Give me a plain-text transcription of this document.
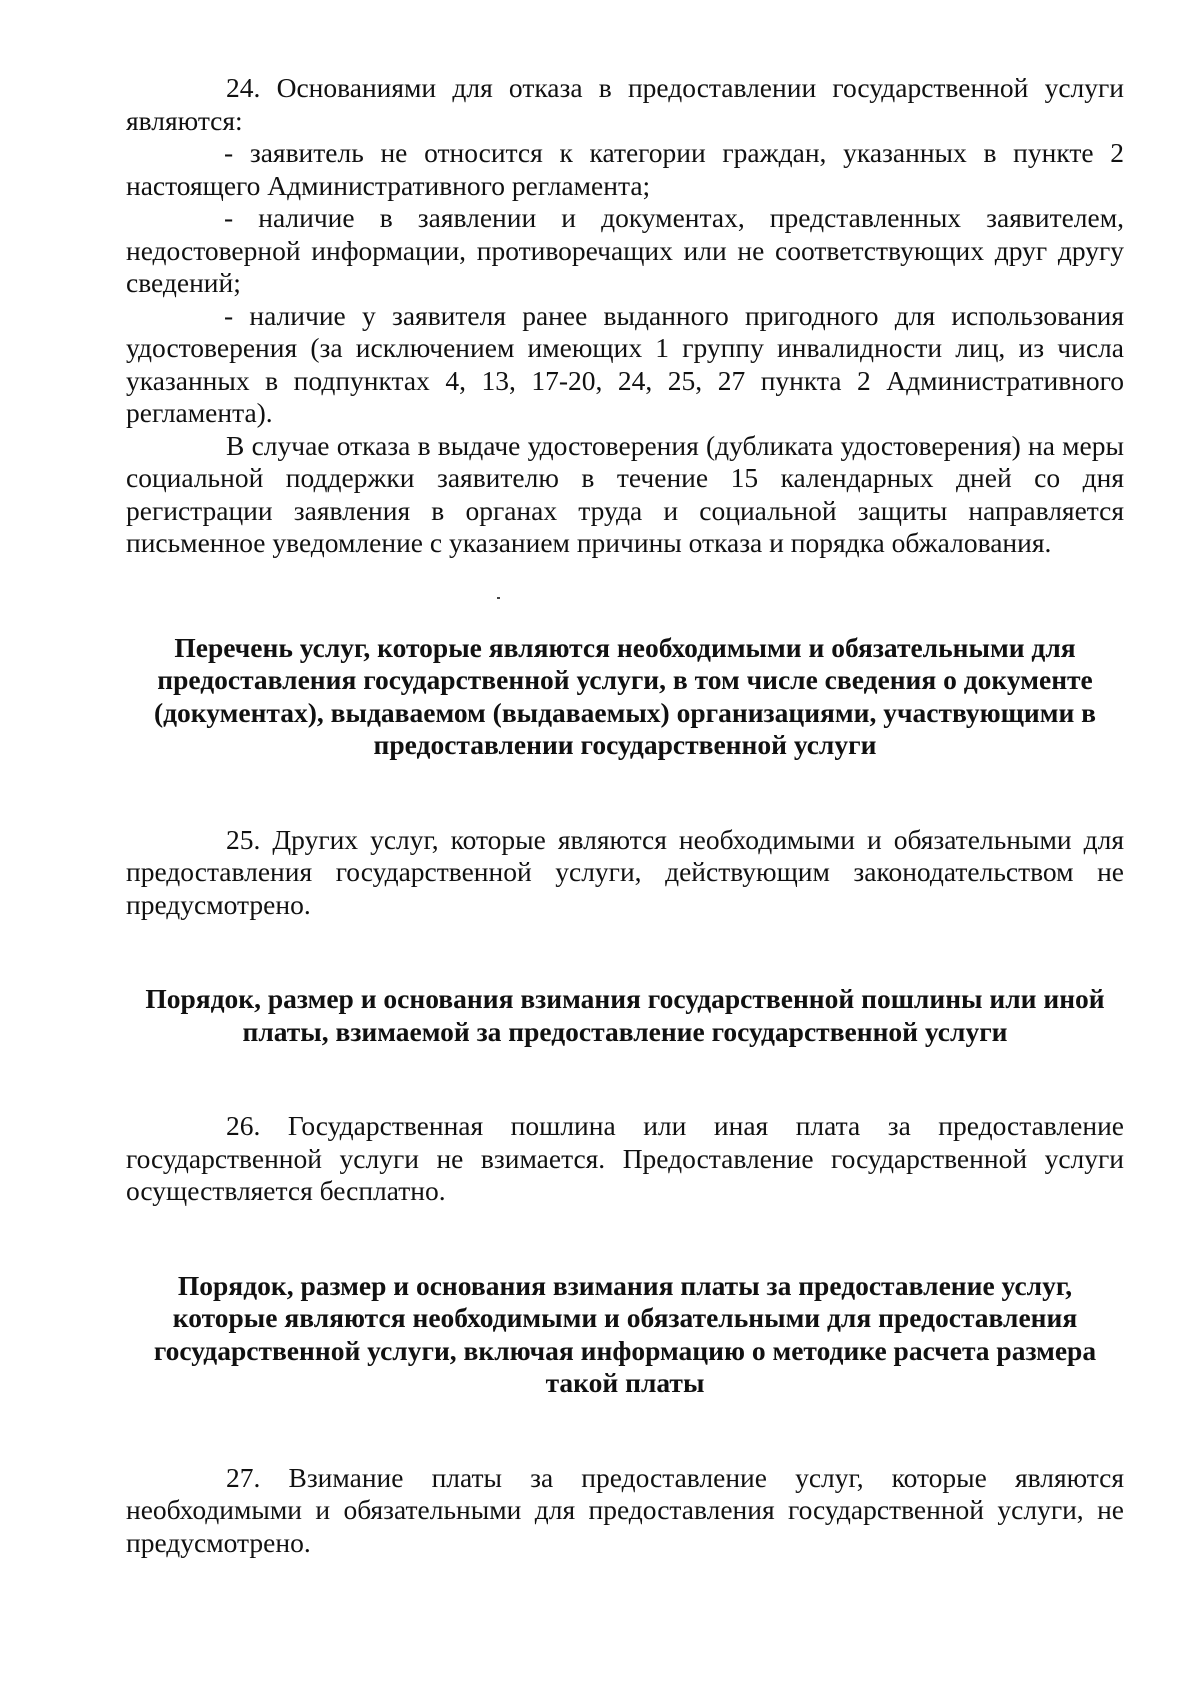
24. Основаниями для отказа в предоставлении государственной услуги являются:

- заявитель не относится к категории граждан, указанных в пункте 2 настоящего Административного регламента;

- наличие в заявлении и документах, представленных заявителем, недостоверной информации, противоречащих или не соответствующих друг другу сведений;

- наличие у заявителя ранее выданного пригодного для использования удостоверения (за исключением имеющих 1 группу инвалидности лиц, из числа указанных в подпунктах 4, 13, 17-20, 24, 25, 27 пункта 2 Административного регламента).

В случае отказа в выдаче удостоверения (дубликата удостоверения) на меры социальной поддержки заявителю в течение 15 календарных дней со дня регистрации заявления в органах труда и социальной защиты направляется письменное уведомление с указанием причины отказа и порядка обжалования.

Перечень услуг, которые являются необходимыми и обязательными для предоставления государственной услуги, в том числе сведения о документе (документах), выдаваемом (выдаваемых) организациями, участвующими в предоставлении государственной услуги

25. Других услуг, которые являются необходимыми и обязательными для предоставления государственной услуги, действующим законодательством не предусмотрено.

Порядок, размер и основания взимания государственной пошлины или иной платы, взимаемой за предоставление государственной услуги

26. Государственная пошлина или иная плата за предоставление государственной услуги не взимается. Предоставление государственной услуги осуществляется бесплатно.

Порядок, размер и основания взимания платы за предоставление услуг, которые являются необходимыми и обязательными для предоставления государственной услуги, включая информацию о методике расчета размера такой платы

27. Взимание платы за предоставление услуг, которые являются необходимыми и обязательными для предоставления государственной услуги, не предусмотрено.
